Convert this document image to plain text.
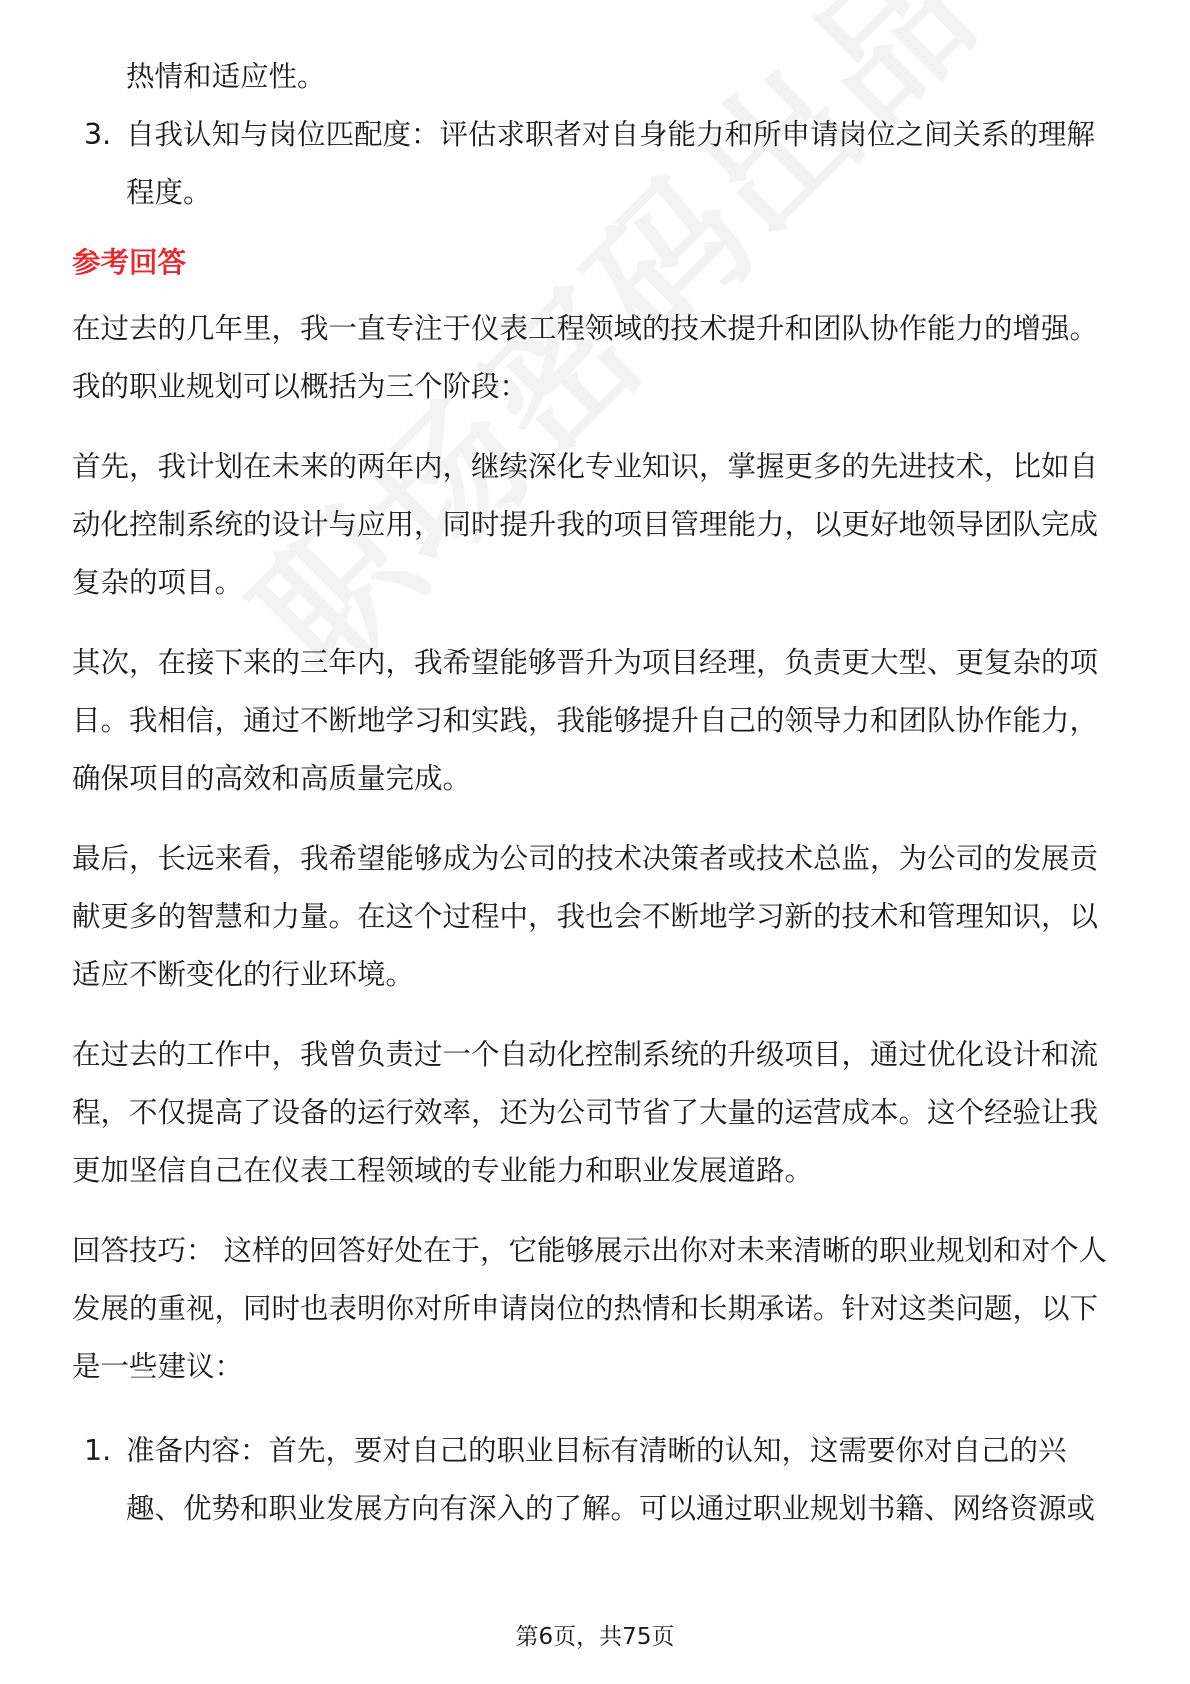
热情和适应性。
3. 自我认知与岗位匹配度：评估求职者对自身能力和所申请岗位之间关系的理解程度。
参考回答
在过去的几年里，我一直专注于仪表工程领域的技术提升和团队协作能力的增强。我的职业规划可以概括为三个阶段：
首先，我计划在未来的两年内，继续深化专业知识，掌握更多的先进技术，比如自动化控制系统的设计与应用，同时提升我的项目管理能力，以更好地领导团队完成复杂的项目。
其次，在接下来的三年内，我希望能够晋升为项目经理，负责更大型、更复杂的项目。我相信，通过不断地学习和实践，我能够提升自己的领导力和团队协作能力，确保项目的高效和高质量完成。
最后，长远来看，我希望能够成为公司的技术决策者或技术总监，为公司的发展贡献更多的智慧和力量。在这个过程中，我也会不断地学习新的技术和管理知识，以适应不断变化的行业环境。
在过去的工作中，我曾负责过一个自动化控制系统的升级项目，通过优化设计和流程，不仅提高了设备的运行效率，还为公司节省了大量的运营成本。这个经验让我更加坚信自己在仪表工程领域的专业能力和职业发展道路。
回答技巧： 这样的回答好处在于，它能够展示出你对未来清晰的职业规划和对个人发展的重视，同时也表明你对所申请岗位的热情和长期承诺。针对这类问题，以下是一些建议：
1. 准备内容：首先，要对自己的职业目标有清晰的认知，这需要你对自己的兴趣、优势和职业发展方向有深入的了解。可以通过职业规划书籍、网络资源或
第6页，共75页
